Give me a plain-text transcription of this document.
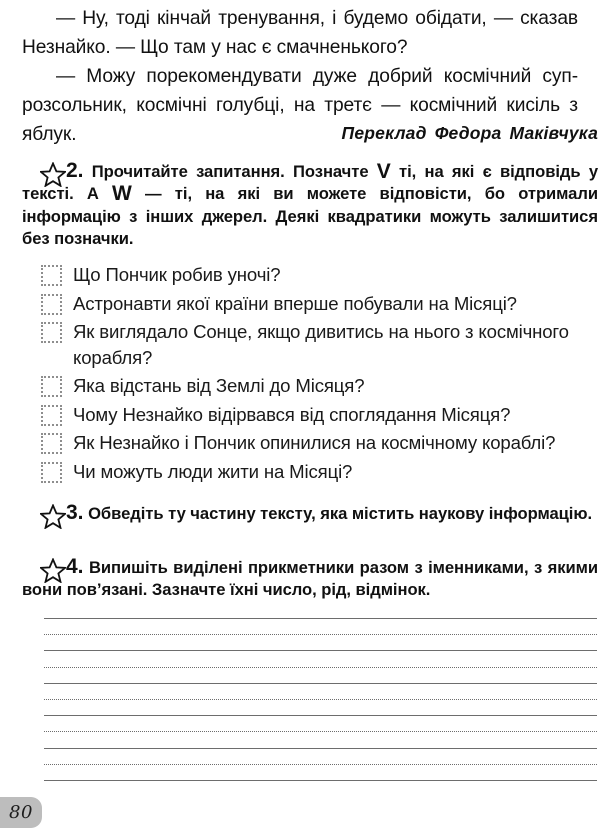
— Ну, тоді кінчай тренування, і будемо обідати, — сказав Незнайко. — Що там у нас є смачненького?

— Можу порекомендувати дуже добрий космічний суп-розсольник, космічні голубці, на третє — космічний кисіль з яблук.	Переклад Федора Маківчука
2. Прочитайте запитання. Позначте V ті, на які є відповідь у тексті. А W — ті, на які ви можете відповісти, бо отримали інформацію з інших джерел. Деякі квадратики можуть залишитися без позначки.
Що Пончик робив уночі?
Астронавти якої країни вперше побували на Місяці?
Як виглядало Сонце, якщо дивитись на нього з космічного корабля?
Яка відстань від Землі до Місяця?
Чому Незнайко відірвався від споглядання Місяця?
Як Незнайко і Пончик опинилися на космічному кораблі?
Чи можуть люди жити на Місяці?
3. Обведіть ту частину тексту, яка містить наукову інформацію.
4. Випишіть виділені прикметники разом з іменниками, з якими вони пов’язані. Зазначте їхні число, рід, відмінок.
80
